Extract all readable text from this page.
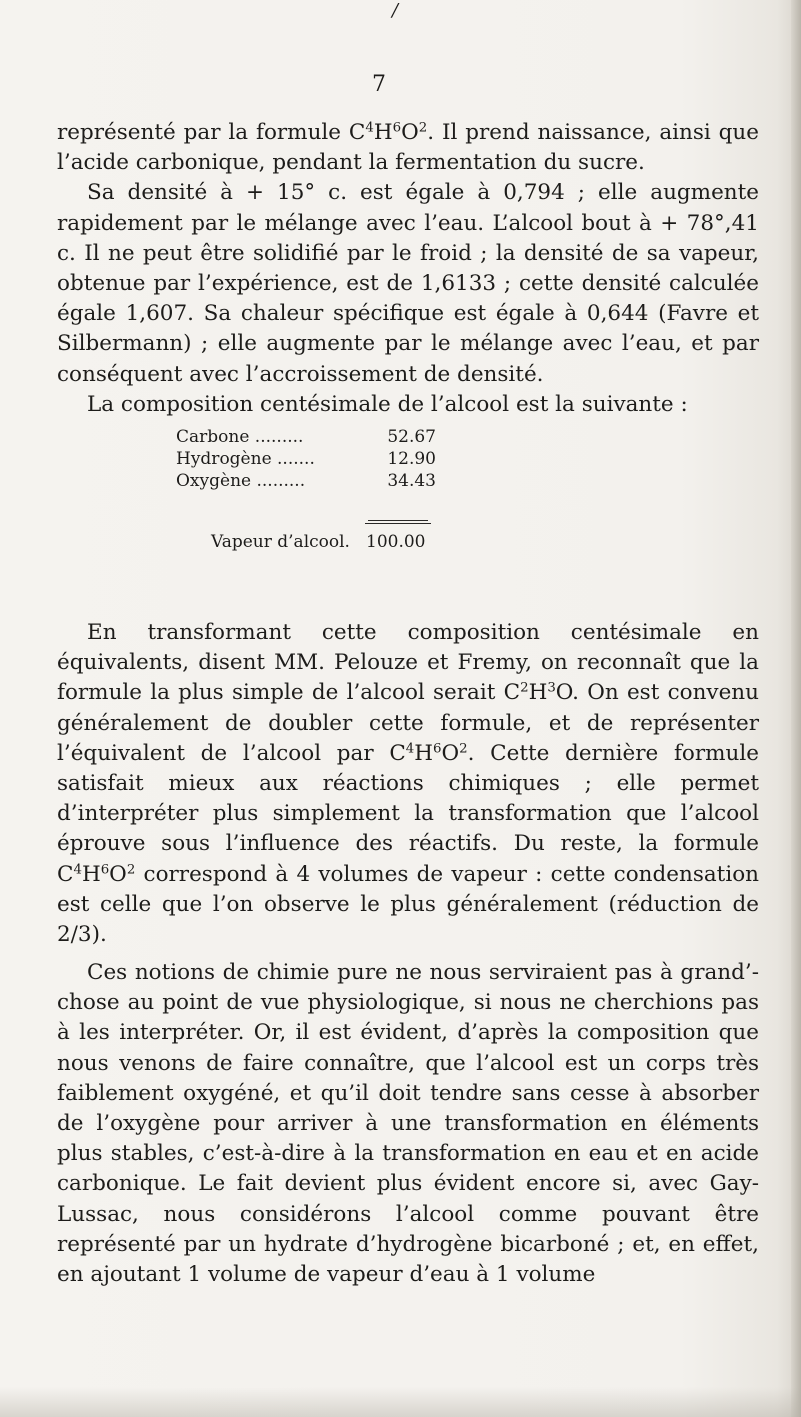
/
7

représenté par la formule $C^4H^6O^2$. Il prend naissance, ainsi que l’acide carbonique, pendant la fermentation du sucre.

Sa densité à + 15° c. est égale à 0,794 ; elle augmente rapidement par le mélange avec l’eau. L’alcool bout à + 78°,41 c. Il ne peut être solidifié par le froid ; la densité de sa vapeur, obtenue par l’expérience, est de 1,6133 ; cette densité calculée égale 1,607. Sa chaleur spécifique est égale à 0,644 (Favre et Silbermann) ; elle augmente par le mélange avec l’eau, et par conséquent avec l’accroissement de densité.

La composition centésimale de l’alcool est la suivante :

Carbone .........	52.67
Hydrogène .......	12.90
Oxygène .........	34.43
Vapeur d’alcool. 100.00

En transformant cette composition centésimale en équivalents, disent MM. Pelouze et Fremy, on reconnaît que la formule la plus simple de l’alcool serait $C^2H^3O$. On est convenu généralement de doubler cette formule, et de représenter l’équivalent de l’alcool par $C^4H^6O^2$. Cette dernière formule satisfait mieux aux réactions chimiques ; elle permet d’interpréter plus simplement la transformation que l’alcool éprouve sous l’influence des réactifs. Du reste, la formule $C^4H^6O^2$ correspond à 4 volumes de vapeur : cette condensation est celle que l’on observe le plus généralement (réduction de 2/3).

Ces notions de chimie pure ne nous serviraient pas à grand’-chose au point de vue physiologique, si nous ne cherchions pas à les interpréter. Or, il est évident, d’après la composition que nous venons de faire connaître, que l’alcool est un corps très faiblement oxygéné, et qu’il doit tendre sans cesse à absorber de l’oxygène pour arriver à une transformation en éléments plus stables, c’est-à-dire à la transformation en eau et en acide carbonique. Le fait devient plus évident encore si, avec Gay-Lussac, nous considérons l’alcool comme pouvant être représenté par un hydrate d’hydrogène bicarboné ; et, en effet, en ajoutant 1 volume de vapeur d’eau à 1 volume
